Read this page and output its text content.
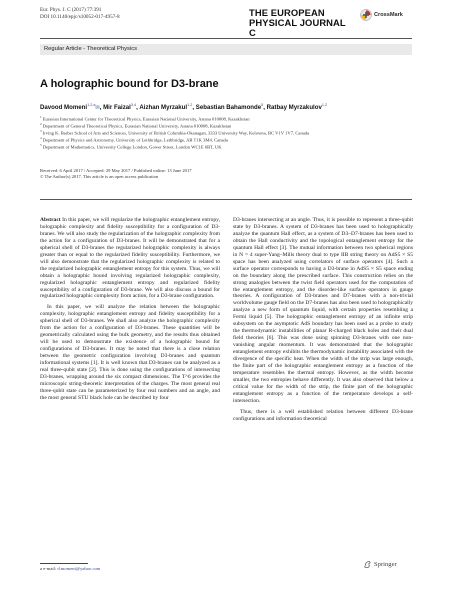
Eur. Phys. J. C (2017) 77:391
DOI 10.1140/epjc/s10052-017-4957-8	THE EUROPEAN
PHYSICAL JOURNAL C
CrossMark
Regular Article - Theoretical Physics
A holographic bound for D3-brane
Davood Momeni$^{1,2,a}$✉, Mir Faizal$^{3,4}$, Aizhan Myrzakul$^{1,2}$, Sebastian Bahamonde$^5$, Ratbay Myrzakulov$^{1,2}$
$^1$ Eurasian International Center for Theoretical Physics, Eurasian National University, Astana 010008, Kazakhstan
$^2$ Department of General Theoretical Physics, Eurasian National University, Astana 010008, Kazakhstan
$^3$ Irving K. Barber School of Arts and Sciences, University of British Columbia-Okanagan, 3333 University Way, Kelowna, BC V1V 1V7, Canada
$^4$ Department of Physics and Astronomy, University of Lethbridge, Lethbridge, AB T1K 3M4, Canada
$^5$ Department of Mathematics, University College London, Gower Street, London WC1E 6BT, UK
Received: 6 April 2017 / Accepted: 29 May 2017 / Published online: 13 June 2017
© The Author(s) 2017. This article is an open access publication

Abstract In this paper, we will regularize the holographic entanglement entropy, holographic complexity and fidelity susceptibility for a configuration of D3-branes. We will also study the regularization of the holographic complexity from the action for a configuration of D3-branes. It will be demonstrated that for a spherical shell of D3-branes the regularized holographic complexity is always greater than or equal to the regularized fidelity susceptibility. Furthermore, we will also demonstrate that the regularized holographic complexity is related to the regularized holographic entanglement entropy for this system. Thus, we will obtain a holographic bound involving regularized holographic complexity, regularized holographic entanglement entropy and regularized fidelity susceptibility of a configuration of D3-brane. We will also discuss a bound for regularized holographic complexity from action, for a D3-brane configuration.

In this paper, we will analyze the relation between the holographic complexity, holographic entanglement entropy and fidelity susceptibility for a spherical shell of D3-branes. We shall also analyze the holographic complexity from the action for a configuration of D3-branes. These quantities will be geometrically calculated using the bulk geometry, and the results thus obtained will be used to demonstrate the existence of a holographic bound for configurations of D3-branes. It may be noted that there is a close relation between the geometric configuration involving D3-branes and quantum informational systems [1]. It is well known that D3-branes can be analyzed as a real three-qubit state [2]. This is done using the configurations of intersecting D3-branes, wrapping around the six compact dimensions. The T^6 provides the microscopic string-theoretic interpretation of the charges. The most general real three-qubit state can be parameterized by four real numbers and an angle, and the most general STU black hole can be described by four

D3-branes intersecting at an angle. Thus, it is possible to represent a three-qubit state by D3-branes. A system of D3-branes has been used to holographically analyze the quantum Hall effect, as a system of D3–D7-branes has been used to obtain the Hall conductivity and the topological entanglement entropy for the quantum Hall effect [3]. The mutual information between two spherical regions in N = 4 super-Yang–Mills theory dual to type IIB string theory on AdS5 × S5 space has been analyzed using correlators of surface operators [4]. Such a surface operator corresponds to having a D3-brane in AdS5 × S5 space ending on the boundary along the prescribed surface. This construction relies on the strong analogies between the twist field operators used for the computation of the entanglement entropy, and the disorder-like surface operators in gauge theories. A configuration of D3-branes and D7-branes with a non-trivial worldvolume gauge field on the D7-branes has also been used to holographically analyze a new form of quantum liquid, with certain properties resembling a Fermi liquid [5]. The holographic entanglement entropy of an infinite strip subsystem on the asymptotic AdS boundary has been used as a probe to study the thermodynamic instabilities of planar R-charged black holes and their dual field theories [6]. This was done using spinning D3-branes with one non-vanishing angular momentum. It was demonstrated that the holographic entanglement entropy exhibits the thermodynamic instability associated with the divergence of the specific heat. When the width of the strip was large enough, the finite part of the holographic entanglement entropy as a function of the temperature resembles the thermal entropy. However, as the width become smaller, the two entropies behave differently. It was also observed that below a critical value for the width of the strip, the finite part of the holographic entanglement entropy as a function of the temperature develops a self-intersection.

Thus, there is a well established relation between different D3-brane configurations and information theoretical

a e-mail: d.momeni@yahoo.com
Springer
